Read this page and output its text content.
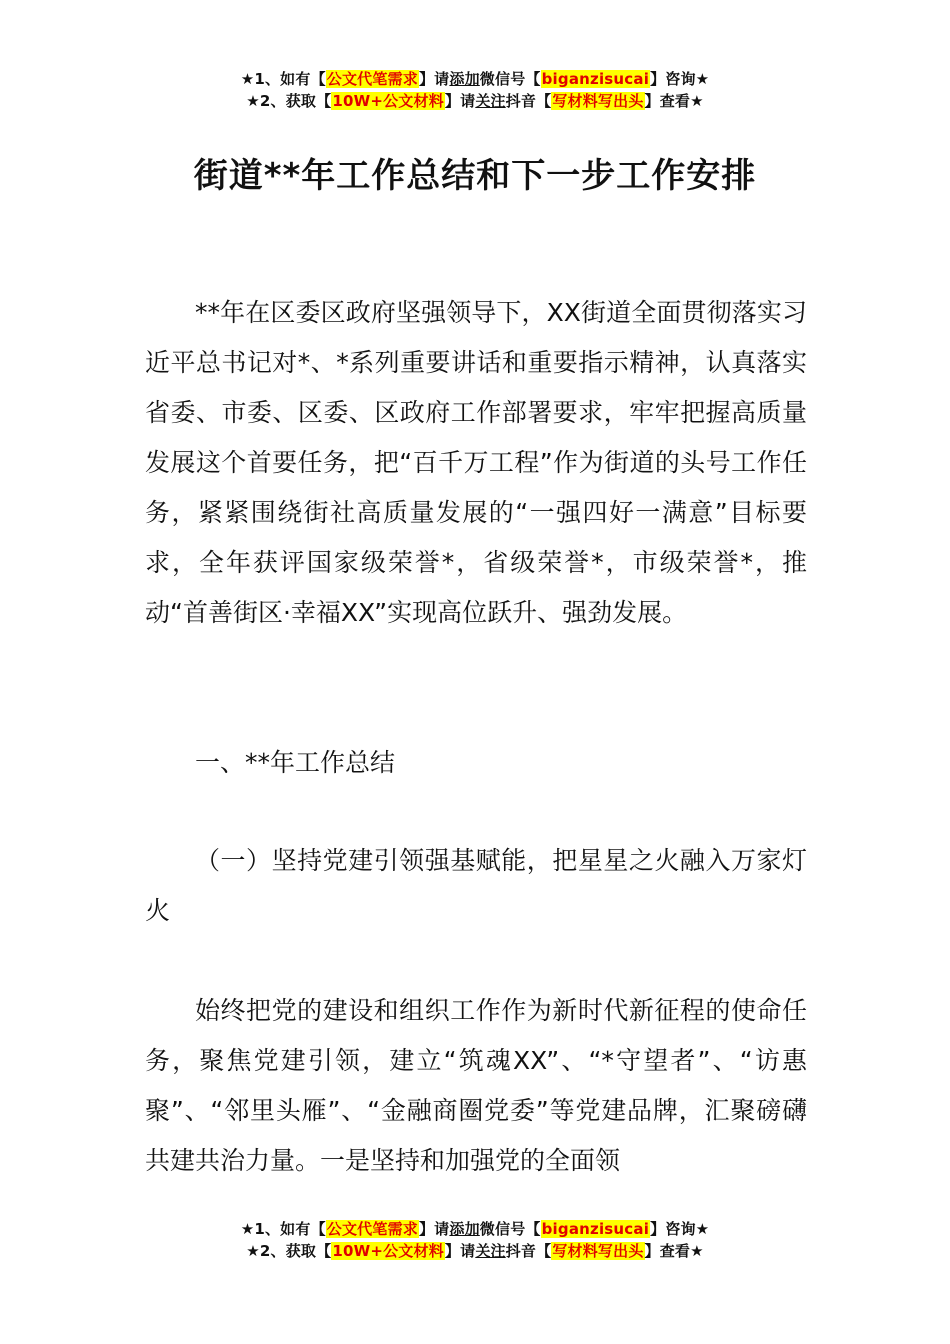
★1、如有【公文代笔需求】请添加微信号【biganzisucai】咨询★
★2、获取【10W+公文材料】请关注抖音【写材料写出头】查看★
街道**年工作总结和下一步工作安排
**年在区委区政府坚强领导下，XX街道全面贯彻落实习近平总书记对*、*系列重要讲话和重要指示精神，认真落实省委、市委、区委、区政府工作部署要求，牢牢把握高质量发展这个首要任务，把“百千万工程”作为街道的头号工作任务，紧紧围绕街社高质量发展的“一强四好一满意”目标要求，全年获评国家级荣誉*，省级荣誉*，市级荣誉*，推动“首善街区·幸福XX”实现高位跃升、强劲发展。
一、**年工作总结
（一）坚持党建引领强基赋能，把星星之火融入万家灯火
始终把党的建设和组织工作作为新时代新征程的使命任务，聚焦党建引领，建立“筑魂XX”、“*守望者”、“访惠聚”、“邻里头雁”、“金融商圈党委”等党建品牌，汇聚磅礴共建共治力量。一是坚持和加强党的全面领
★1、如有【公文代笔需求】请添加微信号【biganzisucai】咨询★
★2、获取【10W+公文材料】请关注抖音【写材料写出头】查看★
